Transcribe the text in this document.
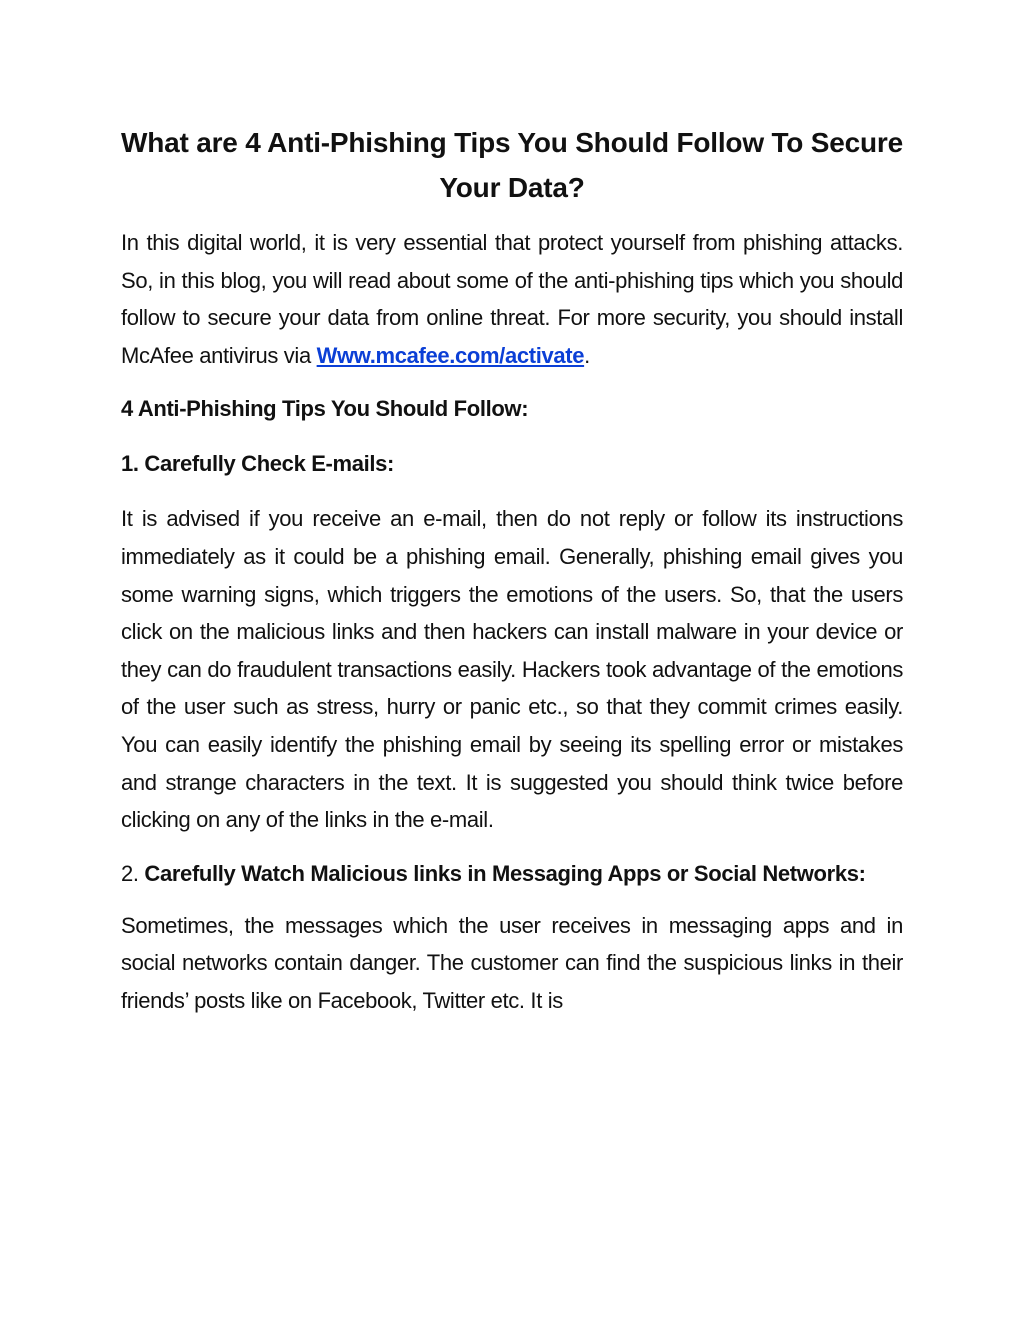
What are 4 Anti-Phishing Tips You Should Follow To Secure Your Data?

In this digital world, it is very essential that protect yourself from phishing attacks. So, in this blog, you will read about some of the anti-phishing tips which you should follow to secure your data from online threat. For more security, you should install McAfee antivirus via Www.mcafee.com/activate.

4 Anti-Phishing Tips You Should Follow:

1. Carefully Check E-mails:

It is advised if you receive an e-mail, then do not reply or follow its instructions immediately as it could be a phishing email. Generally, phishing email gives you some warning signs, which triggers the emotions of the users. So, that the users click on the malicious links and then hackers can install malware in your device or they can do fraudulent transactions easily. Hackers took advantage of the emotions of the user such as stress, hurry or panic etc., so that they commit crimes easily. You can easily identify the phishing email by seeing its spelling error or mistakes and strange characters in the text. It is suggested you should think twice before clicking on any of the links in the e-mail.

2. Carefully Watch Malicious links in Messaging Apps or Social Networks:

Sometimes, the messages which the user receives in messaging apps and in social networks contain danger. The customer can find the suspicious links in their friends’ posts like on Facebook, Twitter etc. It is
